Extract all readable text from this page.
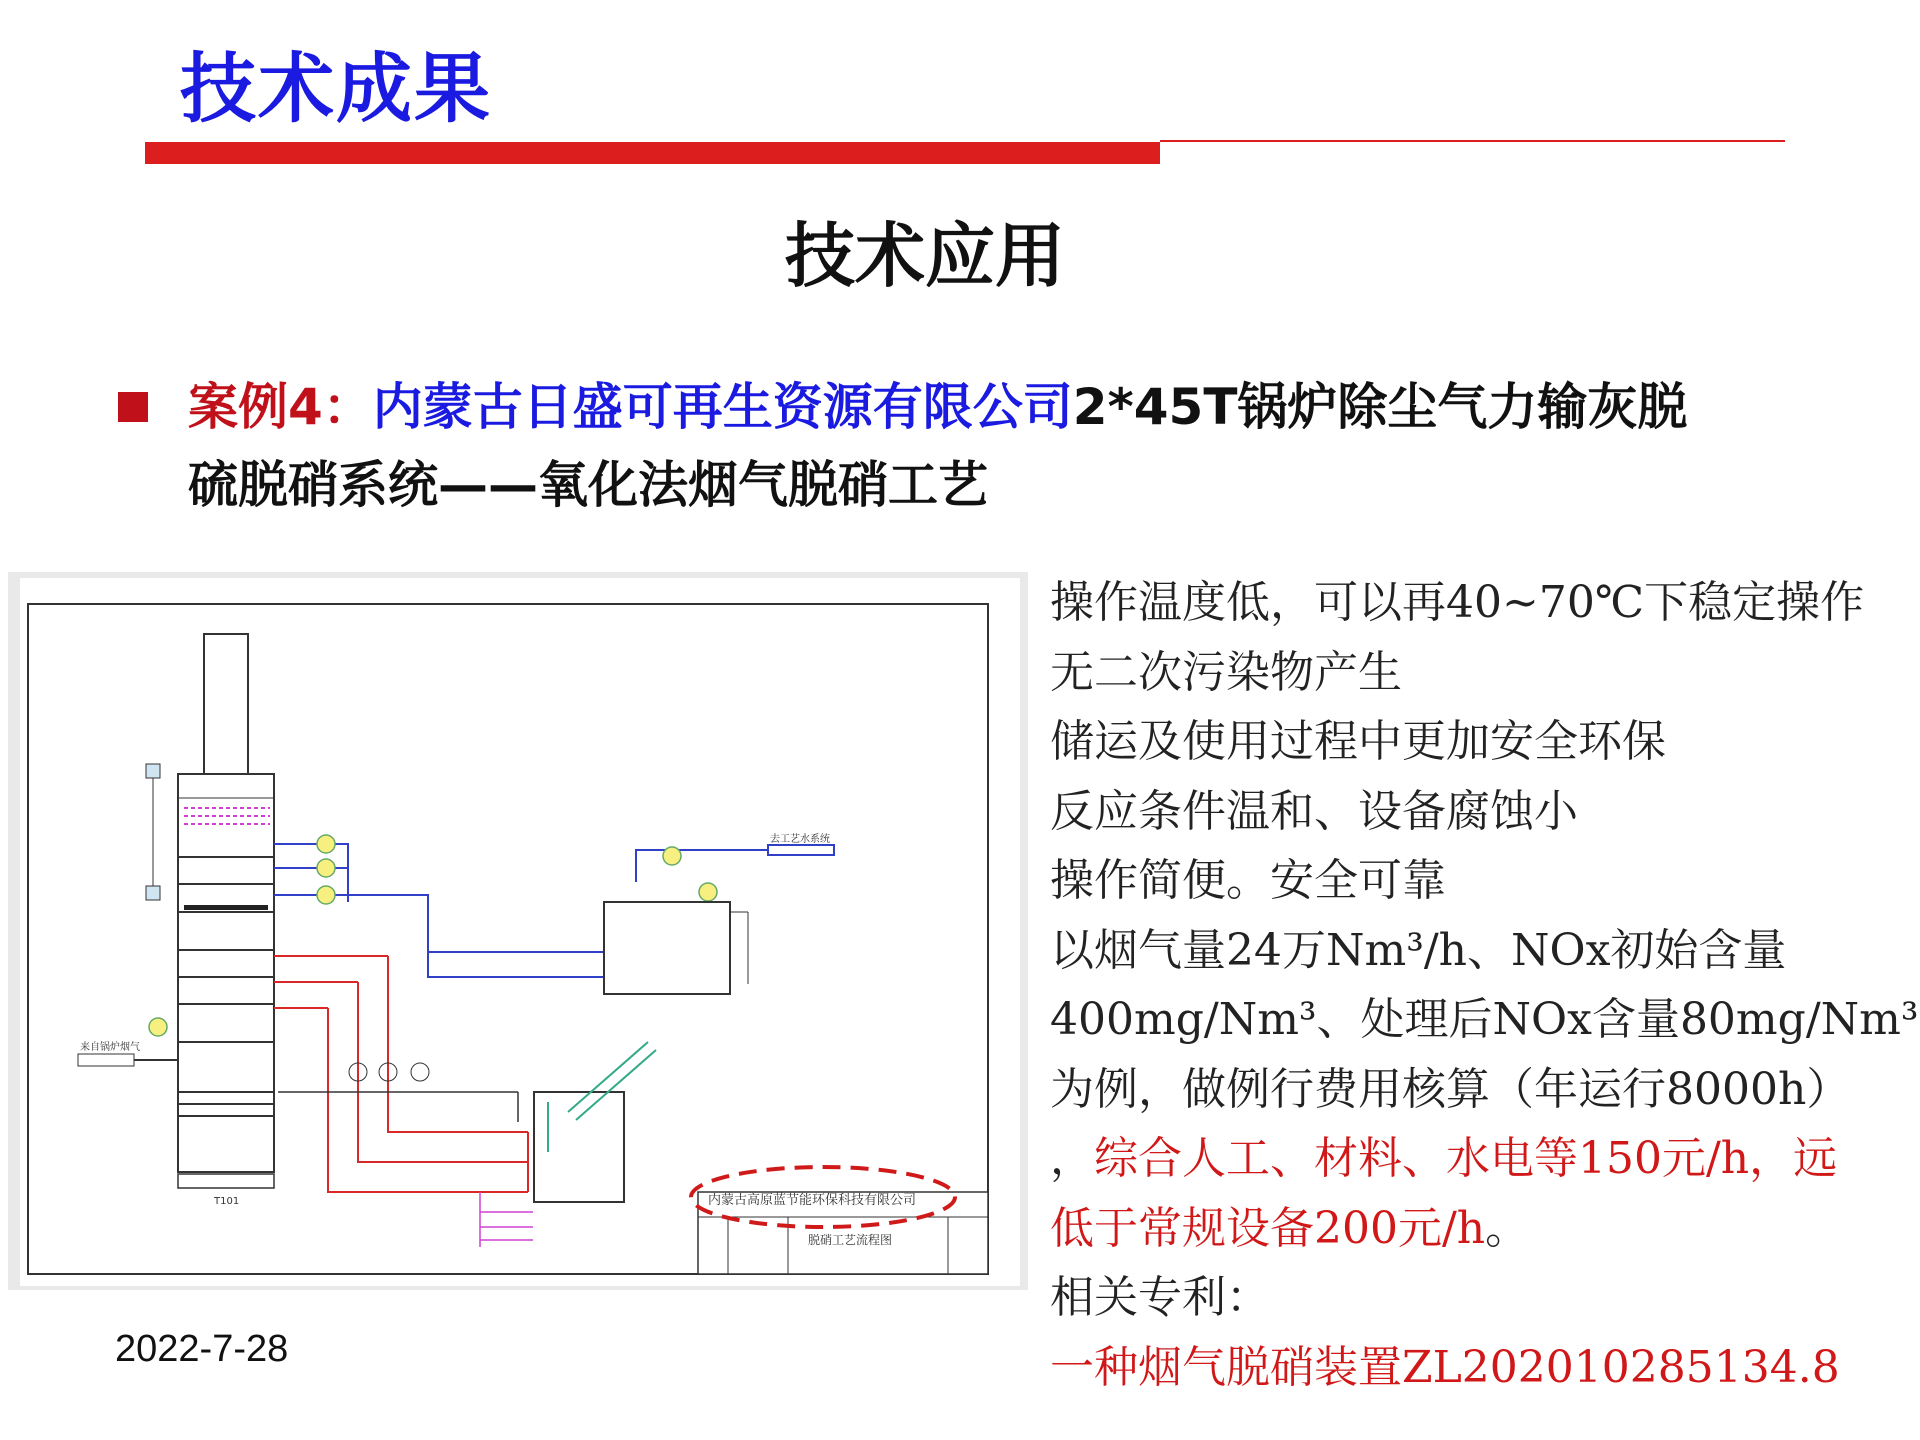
技术成果
技术应用
案例4：内蒙古日盛可再生资源有限公司2*45T锅炉除尘气力输灰脱
硫脱硝系统——氧化法烟气脱硝工艺
内蒙古高原蓝节能环保科技有限公司
脱硝工艺流程图
来自锅炉烟气
去工艺水系统
T101
操作温度低，可以再40~70℃下稳定操作
无二次污染物产生
储运及使用过程中更加安全环保
反应条件温和、设备腐蚀小
操作简便。安全可靠
以烟气量24万Nm³/h、NOx初始含量
400mg/Nm³、处理后NOx含量80mg/Nm³
为例，做例行费用核算（年运行8000h）
，综合人工、材料、水电等150元/h，远
低于常规设备200元/h。
相关专利：
一种烟气脱硝装置ZL202010285134.8
2022-7-28
